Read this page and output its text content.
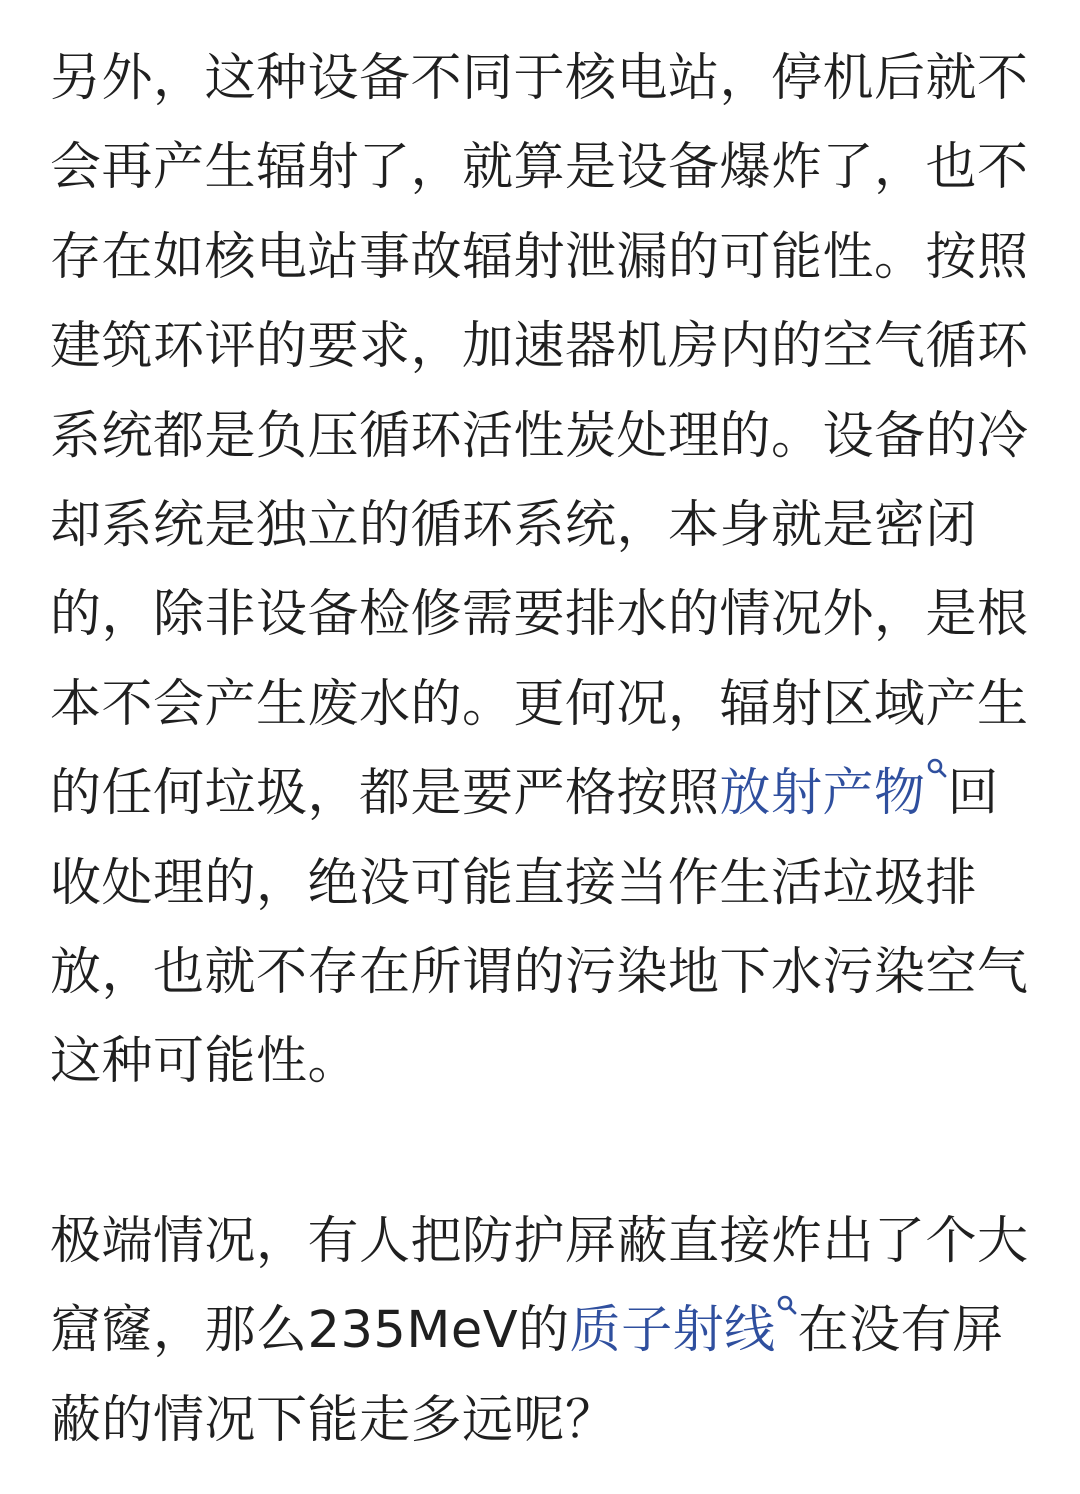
另外，这种设备不同于核电站，停机后就不会再产生辐射了，就算是设备爆炸了，也不存在如核电站事故辐射泄漏的可能性。按照建筑环评的要求，加速器机房内的空气循环系统都是负压循环活性炭处理的。设备的冷却系统是独立的循环系统，本身就是密闭的，除非设备检修需要排水的情况外，是根本不会产生废水的。更何况，辐射区域产生的任何垃圾，都是要严格按照放射产物 回收处理的，绝没可能直接当作生活垃圾排放，也就不存在所谓的污染地下水污染空气这种可能性。

极端情况，有人把防护屏蔽直接炸出了个大窟窿，那么235MeV的质子射线 在没有屏蔽的情况下能走多远呢？
